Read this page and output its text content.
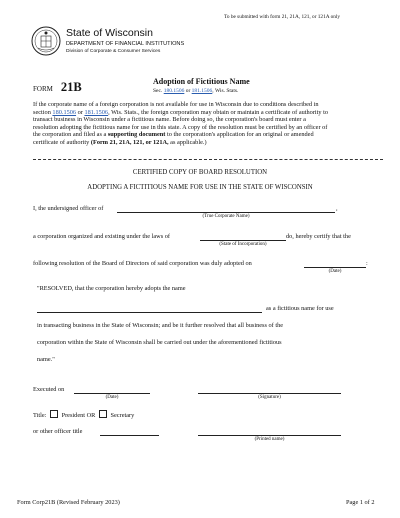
To be submitted with form 21, 21A, 121, or 121A only
State of Wisconsin
DEPARTMENT OF FINANCIAL INSTITUTIONS
Division of Corporate & Consumer Services
FORM 21B	Adoption of Fictitious Name
Sec. 180.1506 or 181.1506, Wis. Stats.
If the corporate name of a foreign corporation is not available for use in Wisconsin due to conditions described in
section 180.1506 or 181.1506, Wis. Stats., the foreign corporation may obtain or maintain a certificate of authority to
transact business in Wisconsin under a fictitious name. Before doing so, the corporation's board must enter a
resolution adopting the fictitious name for use in this state. A copy of the resolution must be certified by an officer of
the corporation and filed as a supporting document to the corporation's application for an original or amended
certificate of authority (Form 21, 21A, 121, or 121A, as applicable.)
CERTIFIED COPY OF BOARD RESOLUTION
ADOPTING A FICTITIOUS NAME FOR USE IN THE STATE OF WISCONSIN
I, the undersigned officer of	,
(True Corporate Name)
a corporation organized and existing under the laws of	do, hereby certify that the
(State of Incorporation)
following resolution of the Board of Directors of said corporation was duly adopted on	:
(Date)
"RESOLVED, that the corporation hereby adopts the name
as a fictitious name for use
in transacting business in the State of Wisconsin; and be it further resolved that all business of the
corporation within the State of Wisconsin shall be carried out under the aforementioned fictitious
name."
Executed on
(Date)	(Signature)
Title: President OR Secretary
or other officer title
(Printed name)
Form Corp21B (Revised February 2023)	Page 1 of 2
